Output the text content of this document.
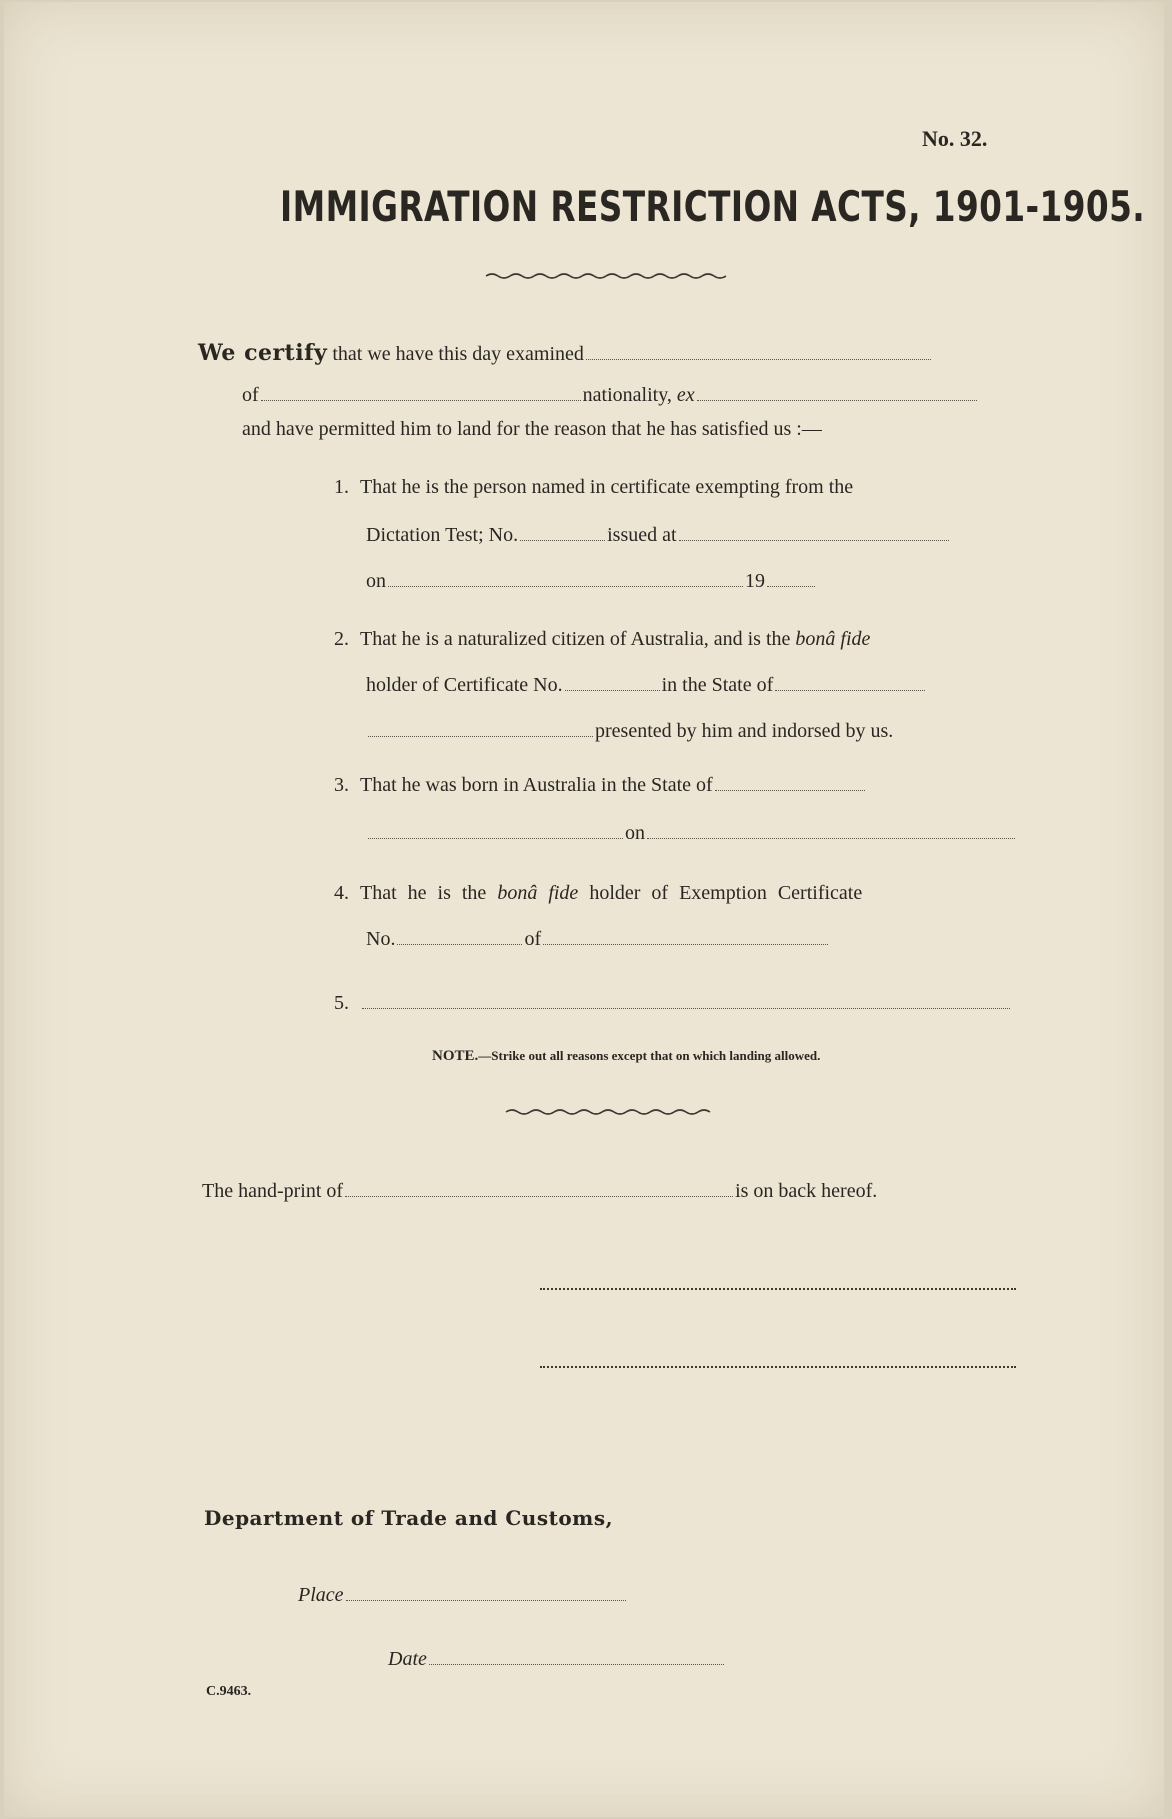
No. 32.
IMMIGRATION RESTRICTION ACTS, 1901-1905.
We certify that we have this day examined
of	nationality, ex
and have permitted him to land for the reason that he has satisfied us :—
1. That he is the person named in certificate exempting from the
Dictation Test; No.	issued at
on	19
2. That he is a naturalized citizen of Australia, and is the bonâ fide
holder of Certificate No.	in the State of
presented by him and indorsed by us.
3. That he was born in Australia in the State of
on
4. That he is the bonâ fide holder of Exemption Certificate
No.	of
5.
NOTE.—Strike out all reasons except that on which landing allowed.
The hand-print of	is on back hereof.
Department of Trade and Customs,
Place
Date
C.9463.
